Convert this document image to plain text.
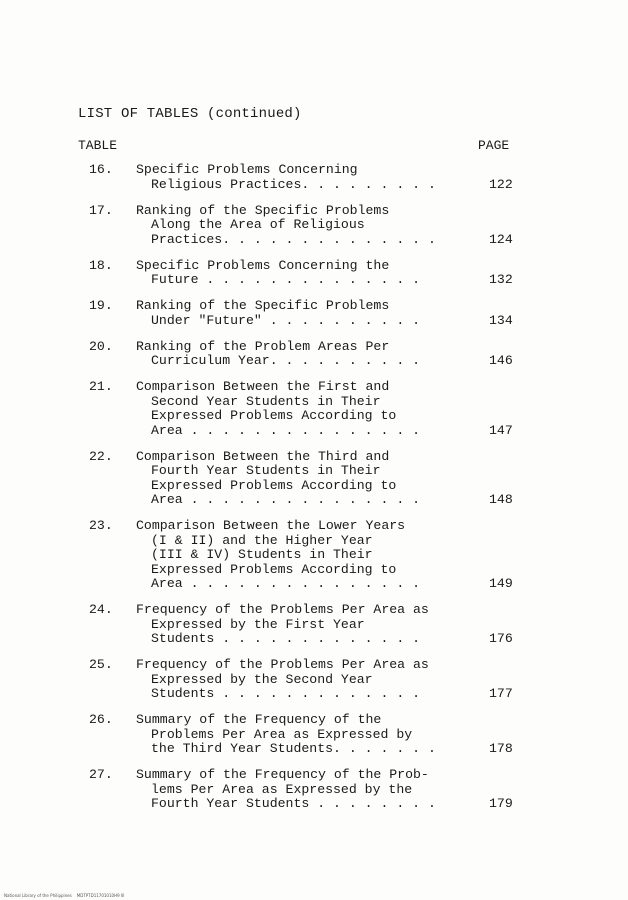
LIST OF TABLES (continued)
TABLE	PAGE
16.	Specific Problems Concerning
Religious Practices. . . . . . . . .	122
17.	Ranking of the Specific Problems
Along the Area of Religious
Practices. . . . . . . . . . . . . .	124
18.	Specific Problems Concerning the
Future . . . . . . . . . . . . . .	132
19.	Ranking of the Specific Problems
Under "Future" . . . . . . . . . .	134
20.	Ranking of the Problem Areas Per
Curriculum Year. . . . . . . . . .	146
21.	Comparison Between the First and
Second Year Students in Their
Expressed Problems According to
Area . . . . . . . . . . . . . . .	147
22.	Comparison Between the Third and
Fourth Year Students in Their
Expressed Problems According to
Area . . . . . . . . . . . . . . .	148
23.	Comparison Between the Lower Years
(I & II) and the Higher Year
(III & IV) Students in Their
Expressed Problems According to
Area . . . . . . . . . . . . . . .	149
24.	Frequency of the Problems Per Area as
Expressed by the First Year
Students . . . . . . . . . . . . .	176
25.	Frequency of the Problems Per Area as
Expressed by the Second Year
Students . . . . . . . . . . . . .	177
26.	Summary of the Frequency of the
Problems Per Area as Expressed by
the Third Year Students. . . . . . .	178
27.	Summary of the Frequency of the Prob-
lems Per Area as Expressed by the
Fourth Year Students . . . . . . . .	179
National Library of the Philippines    MDTPTD11701010H9 III
